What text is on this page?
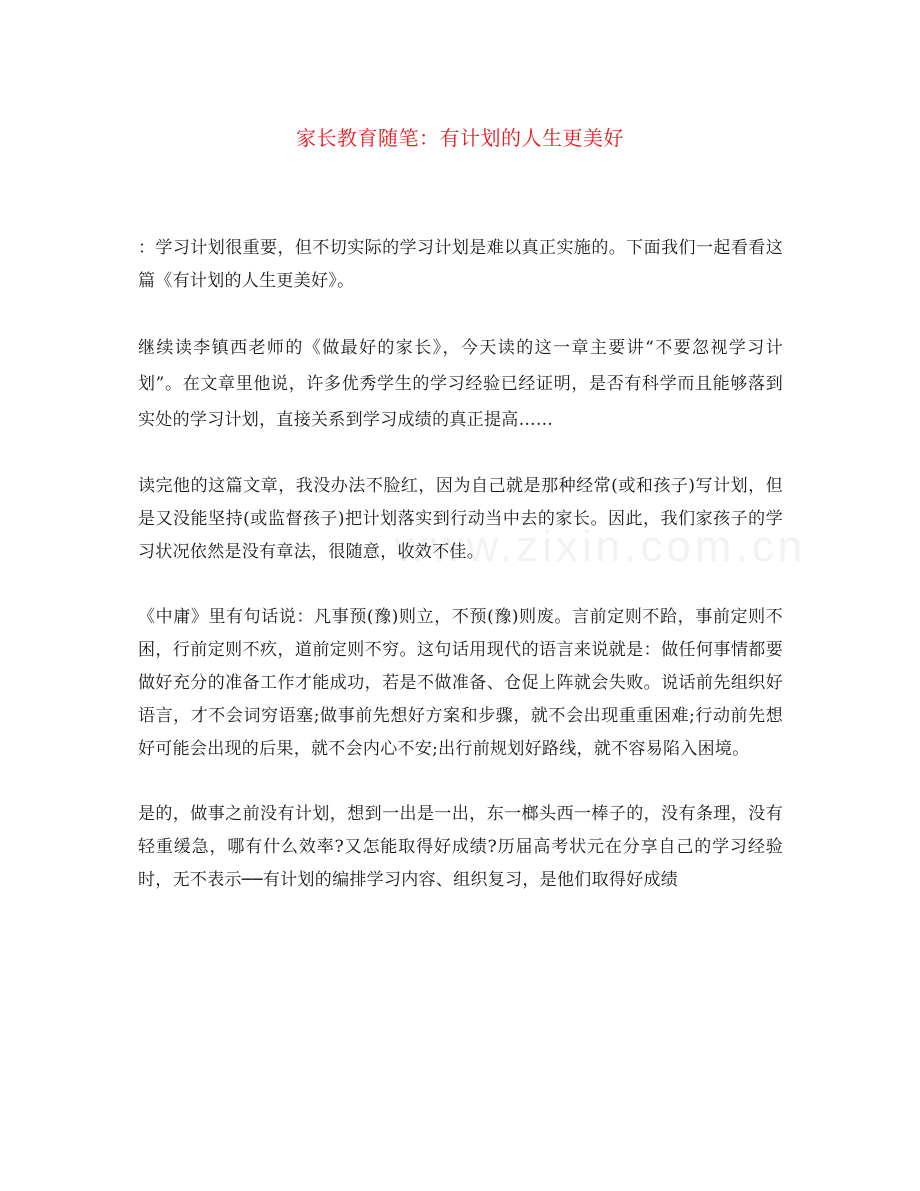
www.zixin.com.cn
家长教育随笔：有计划的人生更美好

：学习计划很重要，但不切实际的学习计划是难以真正实施的。下面我们一起看看这篇《有计划的人生更美好》。

继续读李镇西老师的《做最好的家长》，今天读的这一章主要讲“不要忽视学习计划”。在文章里他说，许多优秀学生的学习经验已经证明，是否有科学而且能够落到实处的学习计划，直接关系到学习成绩的真正提高……

读完他的这篇文章，我没办法不脸红，因为自己就是那种经常(或和孩子)写计划，但是又没能坚持(或监督孩子)把计划落实到行动当中去的家长。因此，我们家孩子的学习状况依然是没有章法，很随意，收效不佳。

《中庸》里有句话说：凡事预(豫)则立，不预(豫)则废。言前定则不跲，事前定则不困，行前定则不疚，道前定则不穷。这句话用现代的语言来说就是：做任何事情都要做好充分的准备工作才能成功，若是不做准备、仓促上阵就会失败。说话前先组织好语言，才不会词穷语塞;做事前先想好方案和步骤，就不会出现重重困难;行动前先想好可能会出现的后果，就不会内心不安;出行前规划好路线，就不容易陷入困境。

是的，做事之前没有计划，想到一出是一出，东一榔头西一棒子的，没有条理，没有轻重缓急，哪有什么效率?又怎能取得好成绩?历届高考状元在分享自己的学习经验时，无不表示──有计划的编排学习内容、组织复习，是他们取得好成绩
